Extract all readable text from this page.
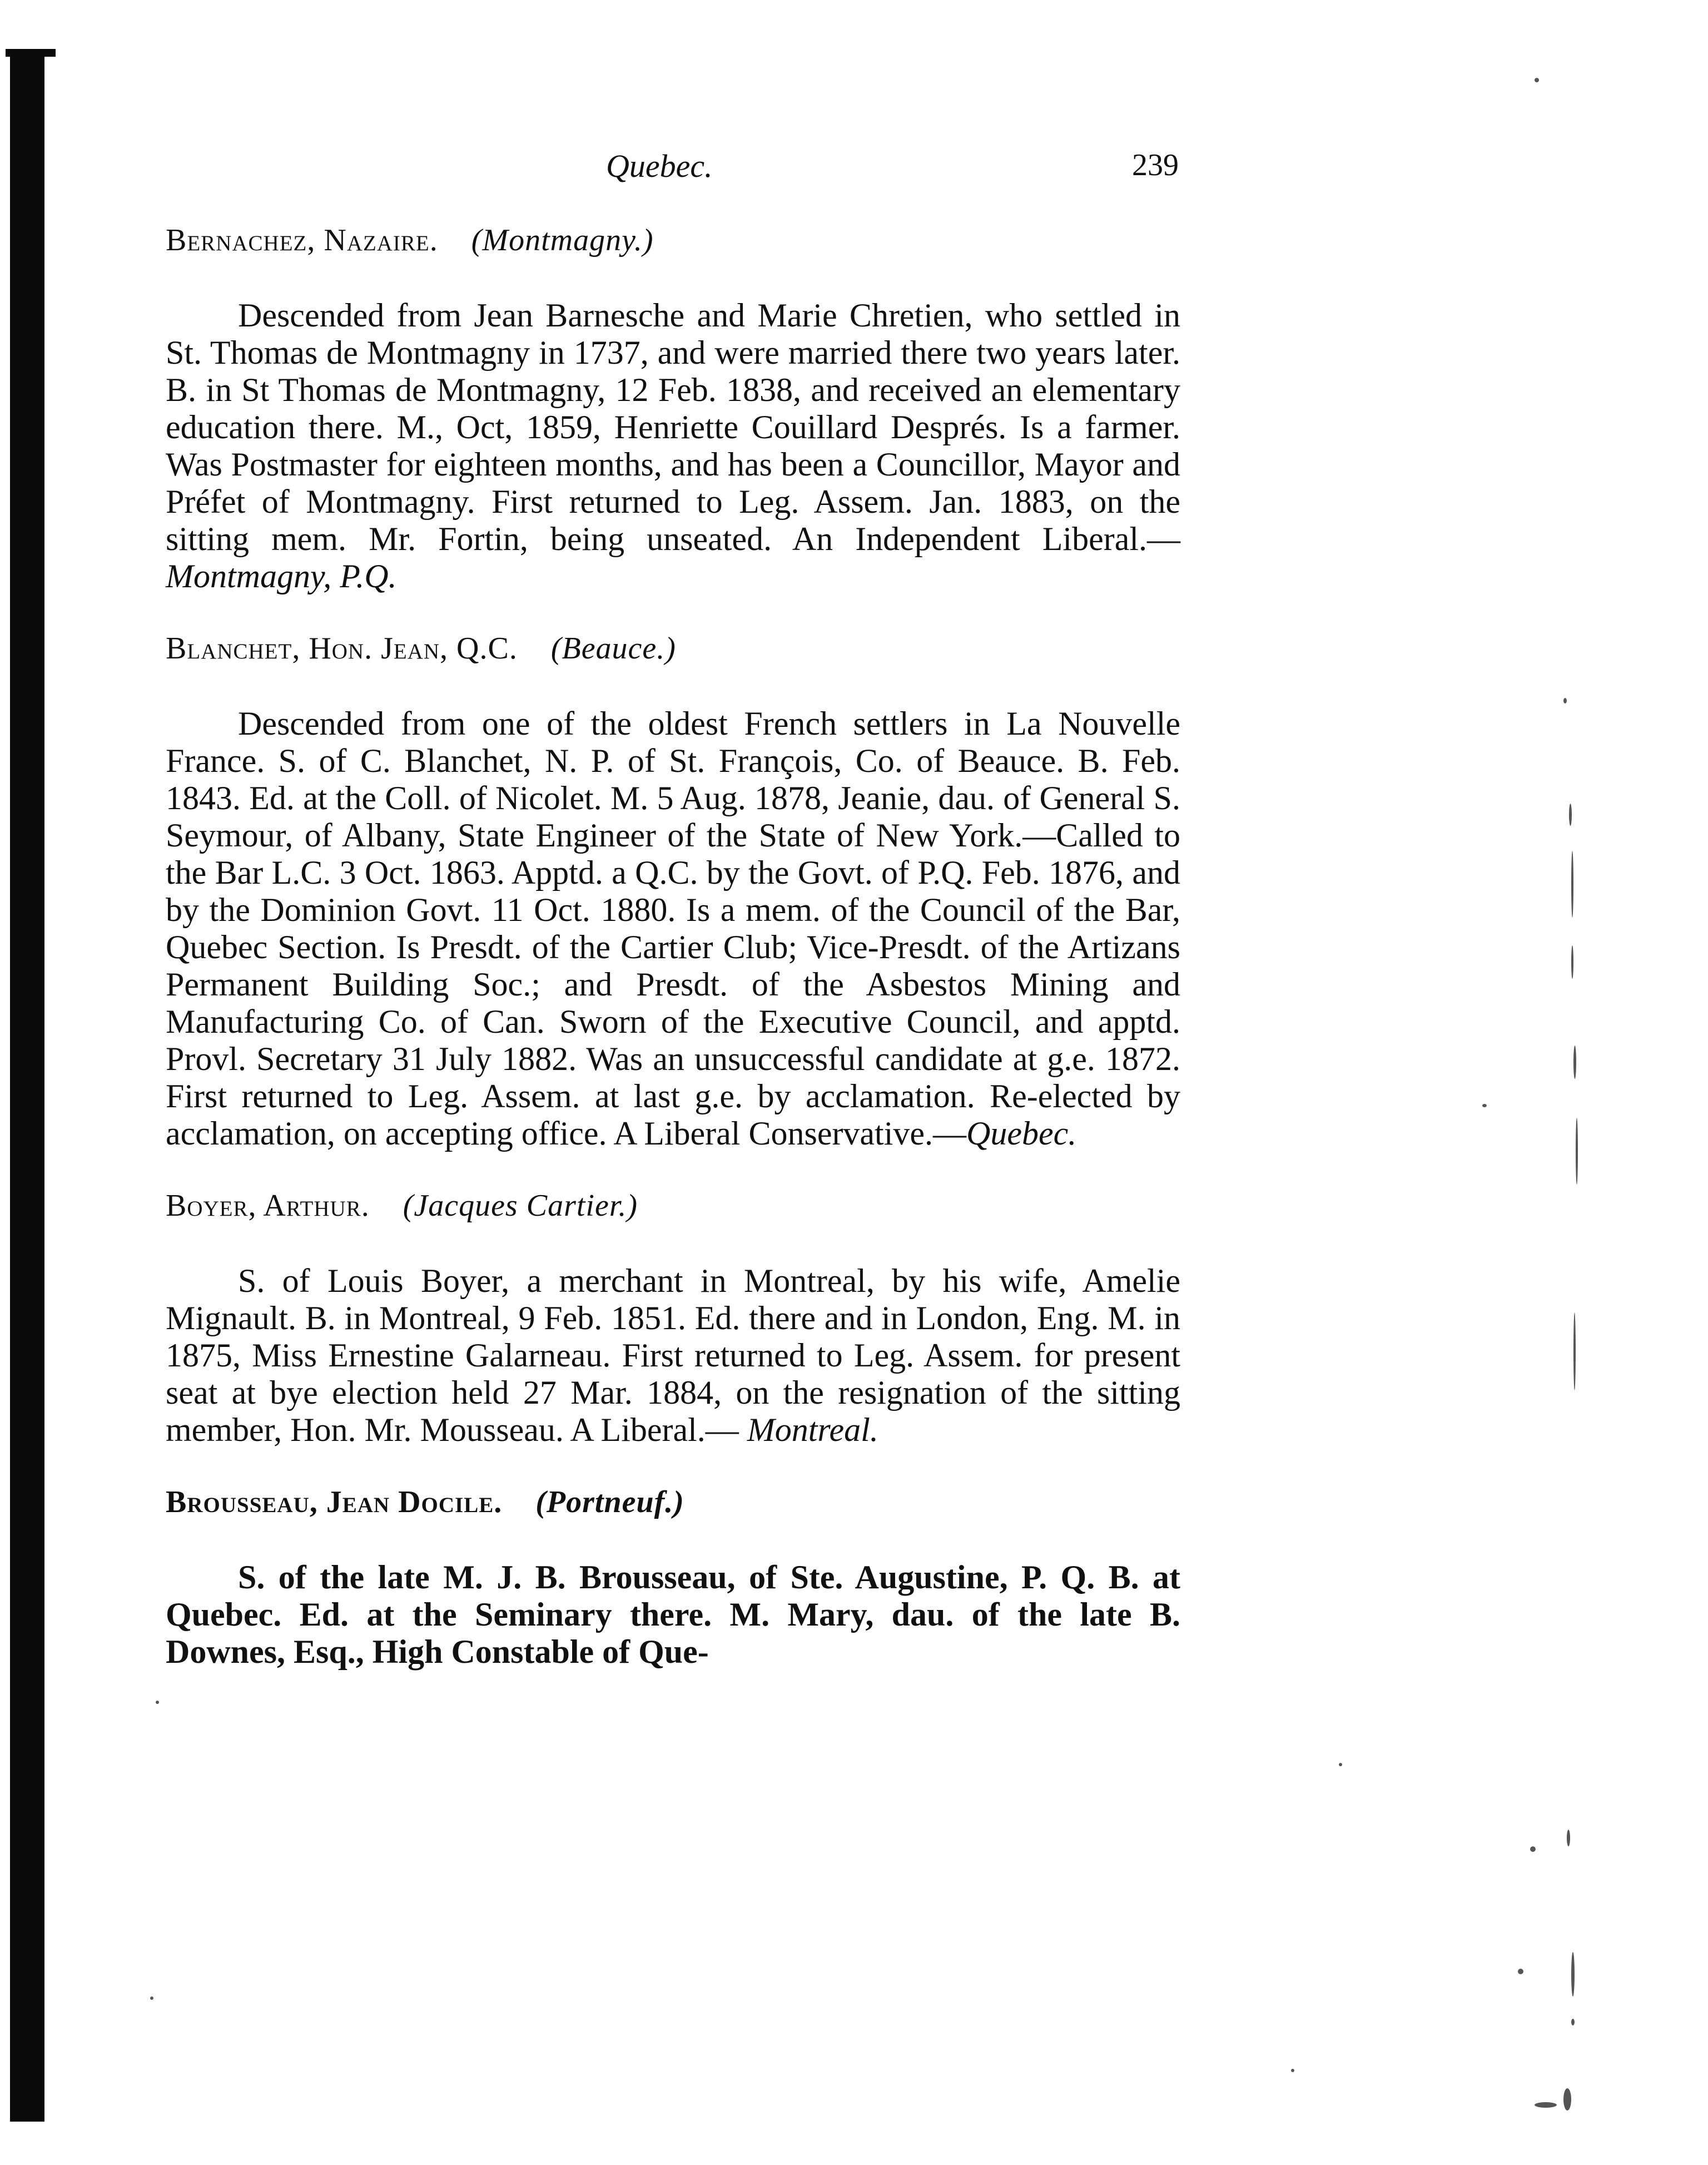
Quebec.	239
Bernachez, Nazaire. (Montmagny.)

Descended from Jean Barnesche and Marie Chretien, who settled in St. Thomas de Montmagny in 1737, and were married there two years later. B. in St Thomas de Montmagny, 12 Feb. 1838, and received an elementary education there. M., Oct, 1859, Henriette Couillard Després. Is a farmer. Was Postmaster for eighteen months, and has been a Councillor, Mayor and Préfet of Montmagny. First returned to Leg. Assem. Jan. 1883, on the sitting mem. Mr. Fortin, being unseated. An Independent Liberal.— Montmagny, P.Q.

Blanchet, Hon. Jean, Q.C. (Beauce.)

Descended from one of the oldest French settlers in La Nouvelle France. S. of C. Blanchet, N. P. of St. François, Co. of Beauce. B. Feb. 1843. Ed. at the Coll. of Nicolet. M. 5 Aug. 1878, Jeanie, dau. of General S. Seymour, of Albany, State Engineer of the State of New York.—Called to the Bar L.C. 3 Oct. 1863. Apptd. a Q.C. by the Govt. of P.Q. Feb. 1876, and by the Dominion Govt. 11 Oct. 1880. Is a mem. of the Council of the Bar, Quebec Section. Is Presdt. of the Cartier Club; Vice-Presdt. of the Artizans Permanent Building Soc.; and Presdt. of the Asbestos Mining and Manufacturing Co. of Can. Sworn of the Executive Council, and apptd. Provl. Secretary 31 July 1882. Was an unsuccessful candidate at g.e. 1872. First returned to Leg. Assem. at last g.e. by acclamation. Re-elected by acclamation, on accepting office. A Liberal Conservative.—Quebec.

Boyer, Arthur. (Jacques Cartier.)

S. of Louis Boyer, a merchant in Montreal, by his wife, Amelie Mignault. B. in Montreal, 9 Feb. 1851. Ed. there and in London, Eng. M. in 1875, Miss Ernestine Galarneau. First returned to Leg. Assem. for present seat at bye election held 27 Mar. 1884, on the resignation of the sitting member, Hon. Mr. Mousseau. A Liberal.— Montreal.

Brousseau, Jean Docile. (Portneuf.)

S. of the late M. J. B. Brousseau, of Ste. Augustine, P. Q. B. at Quebec. Ed. at the Seminary there. M. Mary, dau. of the late B. Downes, Esq., High Constable of Que-
